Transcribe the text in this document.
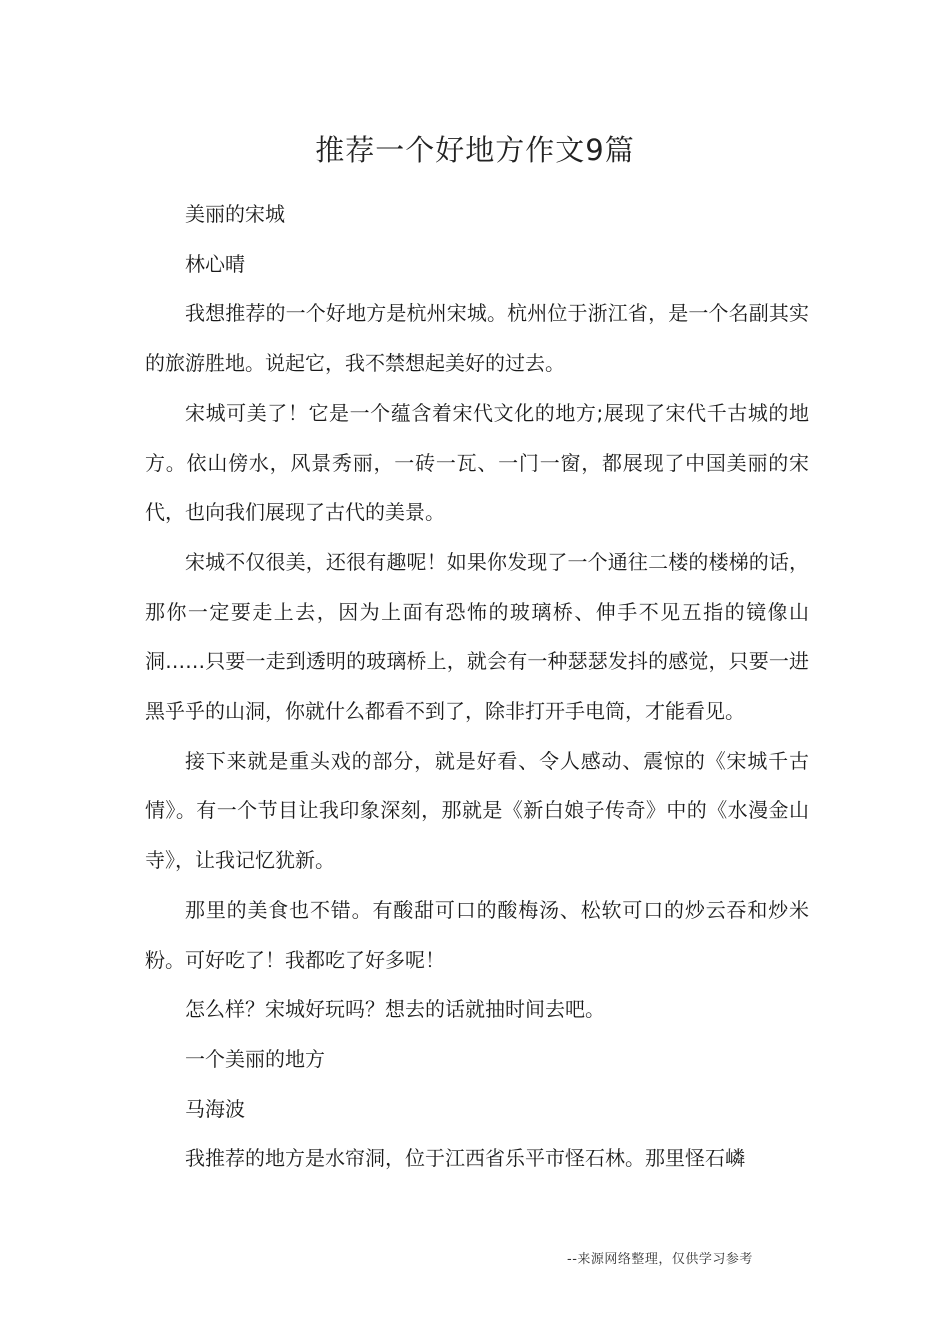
推荐一个好地方作文9篇

美丽的宋城

林心晴

我想推荐的一个好地方是杭州宋城。杭州位于浙江省，是一个名副其实的旅游胜地。说起它，我不禁想起美好的过去。

宋城可美了！它是一个蕴含着宋代文化的地方;展现了宋代千古城的地方。依山傍水，风景秀丽，一砖一瓦、一门一窗，都展现了中国美丽的宋代，也向我们展现了古代的美景。

宋城不仅很美，还很有趣呢！如果你发现了一个通往二楼的楼梯的话，那你一定要走上去，因为上面有恐怖的玻璃桥、伸手不见五指的镜像山洞……只要一走到透明的玻璃桥上，就会有一种瑟瑟发抖的感觉，只要一进黑乎乎的山洞，你就什么都看不到了，除非打开手电筒，才能看见。

接下来就是重头戏的部分，就是好看、令人感动、震惊的《宋城千古情》。有一个节目让我印象深刻，那就是《新白娘子传奇》中的《水漫金山寺》，让我记忆犹新。

那里的美食也不错。有酸甜可口的酸梅汤、松软可口的炒云吞和炒米粉。可好吃了！我都吃了好多呢！

怎么样？宋城好玩吗？想去的话就抽时间去吧。

一个美丽的地方

马海波

我推荐的地方是水帘洞，位于江西省乐平市怪石林。那里怪石嶙

--来源网络整理，仅供学习参考
